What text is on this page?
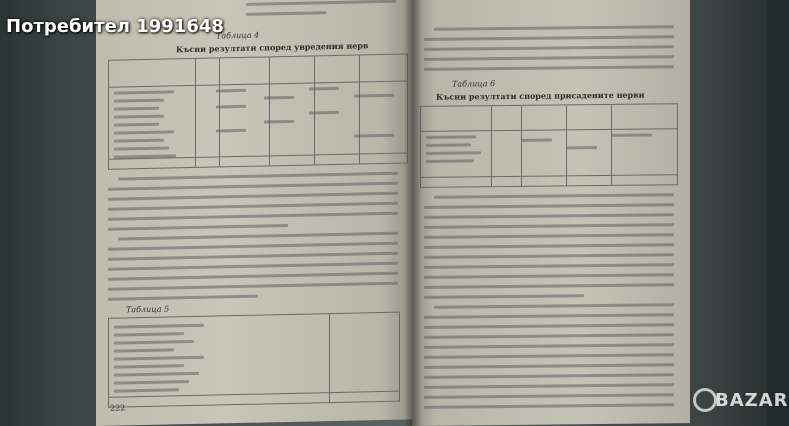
Таблица 4
Късни резултати според увредения нерв
Таблица 5
222
Таблица 6
Късни резултати според присадените нерви
Потребител 1991648
BAZAR
